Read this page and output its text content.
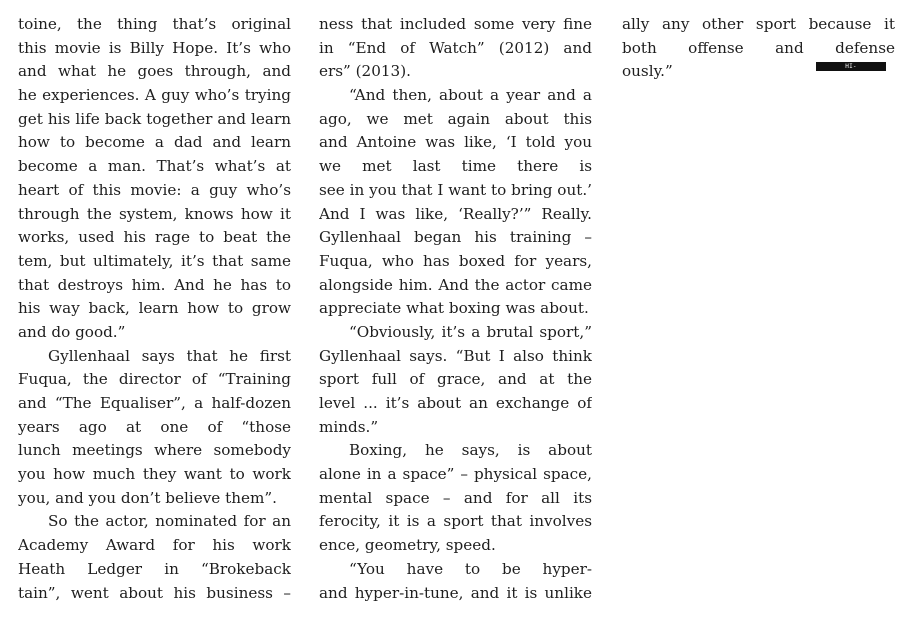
toine, the thing that’s original
this movie is Billy Hope. It’s who
and what he goes through, and
he experiences. A guy who’s trying
get his life back together and learn
how to become a dad and learn
become a man. That’s what’s at
heart of this movie: a guy who’s
through the system, knows how it
works, used his rage to beat the
tem, but ultimately, it’s that same
that destroys him. And he has to
his way back, learn how to grow
and do good.”
Gyllenhaal says that he first
Fuqua, the director of “Training
and “The Equaliser”, a half-dozen
years ago at one of “those
lunch meetings where somebody
you how much they want to work
you, and you don’t believe them”.
So the actor, nominated for an
Academy Award for his work
Heath Ledger in “Brokeback
tain”, went about his business –
ness that included some very fine
in “End of Watch” (2012) and
ers” (2013).
“And then, about a year and a
ago, we met again about this
and Antoine was like, ‘I told you
we met last time there is
see in you that I want to bring out.’
And I was like, ‘Really?’” Really.
Gyllenhaal began his training –
Fuqua, who has boxed for years,
alongside him. And the actor came
appreciate what boxing was about.
“Obviously, it’s a brutal sport,”
Gyllenhaal says. “But I also think
sport full of grace, and at the
level ... it’s about an exchange of
minds.”
Boxing, he says, is about
alone in a space” – physical space,
mental space – and for all its
ferocity, it is a sport that involves
ence, geometry, speed.
“You have to be hyper-
and hyper-in-tune, and it is unlike
ally any other sport because it
both offense and defense
ously.”	HI-
